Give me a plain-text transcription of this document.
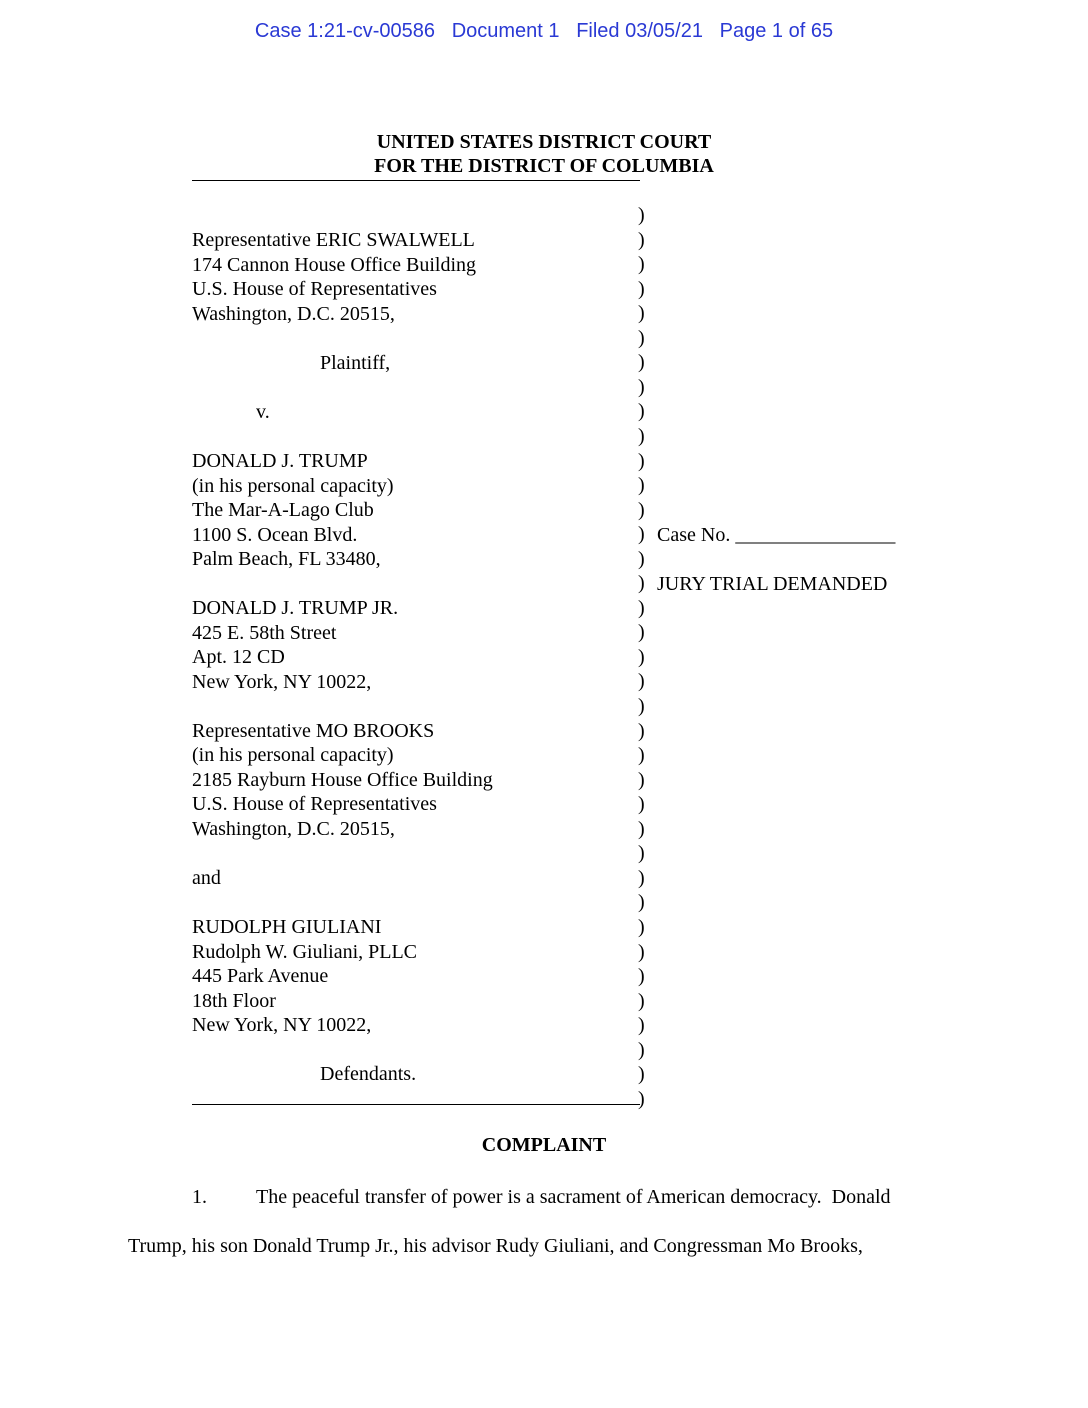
Case 1:21-cv-00586 Document 1 Filed 03/05/21 Page 1 of 65
UNITED STATES DISTRICT COURT
FOR THE DISTRICT OF COLUMBIA
Representative ERIC SWALWELL
174 Cannon House Office Building
U.S. House of Representatives
Washington, D.C. 20515,
Plaintiff,
v.
DONALD J. TRUMP
(in his personal capacity)
The Mar-A-Lago Club
1100 S. Ocean Blvd.
Palm Beach, FL 33480,
DONALD J. TRUMP JR.
425 E. 58th Street
Apt. 12 CD
New York, NY 10022,
Representative MO BROOKS
(in his personal capacity)
2185 Rayburn House Office Building
U.S. House of Representatives
Washington, D.C. 20515,
and
RUDOLPH GIULIANI
Rudolph W. Giuliani, PLLC
445 Park Avenue
18th Floor
New York, NY 10022,
Defendants.
)
)
)
)
)
)
)
)
)
)
)
)
)
)
)
)
)
)
)
)
)
)
)
)
)
)
)
)
)
)
)
)
)
)
)
)
)
Case No. ________________
JURY TRIAL DEMANDED
COMPLAINT
1. The peaceful transfer of power is a sacrament of American democracy.  Donald
Trump, his son Donald Trump Jr., his advisor Rudy Giuliani, and Congressman Mo Brooks,
